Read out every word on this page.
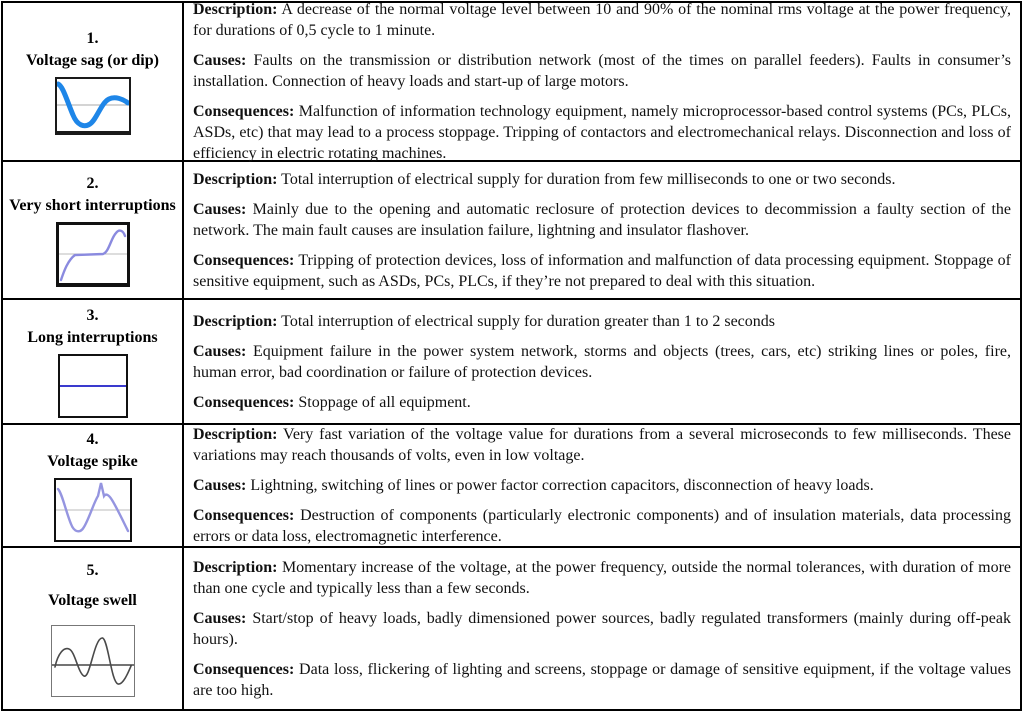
1.
Voltage sag (or dip)

Description: A decrease of the normal voltage level between 10 and 90% of the nominal rms voltage at the power frequency, for durations of 0,5 cycle to 1 minute.

Causes: Faults on the transmission or distribution network (most of the times on parallel feeders). Faults in consumer’s installation. Connection of heavy loads and start-up of large motors.

Consequences: Malfunction of information technology equipment, namely microprocessor-based control systems (PCs, PLCs, ASDs, etc) that may lead to a process stoppage. Tripping of contactors and electromechanical relays. Disconnection and loss of efficiency in electric rotating machines.

2.
Very short interruptions

Description: Total interruption of electrical supply for duration from few milliseconds to one or two seconds.

Causes: Mainly due to the opening and automatic reclosure of protection devices to decommission a faulty section of the network. The main fault causes are insulation failure, lightning and insulator flashover.

Consequences: Tripping of protection devices, loss of information and malfunction of data processing equipment. Stoppage of sensitive equipment, such as ASDs, PCs, PLCs, if they’re not prepared to deal with this situation.

3.
Long interruptions

Description: Total interruption of electrical supply for duration greater than 1 to 2 seconds

Causes: Equipment failure in the power system network, storms and objects (trees, cars, etc) striking lines or poles, fire, human error, bad coordination or failure of protection devices.

Consequences: Stoppage of all equipment.

4.
Voltage spike

Description: Very fast variation of the voltage value for durations from a several microseconds to few milliseconds. These variations may reach thousands of volts, even in low voltage.

Causes: Lightning, switching of lines or power factor correction capacitors, disconnection of heavy loads.

Consequences: Destruction of components (particularly electronic components) and of insulation materials, data processing errors or data loss, electromagnetic interference.

5.
Voltage swell

Description: Momentary increase of the voltage, at the power frequency, outside the normal tolerances, with duration of more than one cycle and typically less than a few seconds.

Causes: Start/stop of heavy loads, badly dimensioned power sources, badly regulated transformers (mainly during off-peak hours).

Consequences: Data loss, flickering of lighting and screens, stoppage or damage of sensitive equipment, if the voltage values are too high.
